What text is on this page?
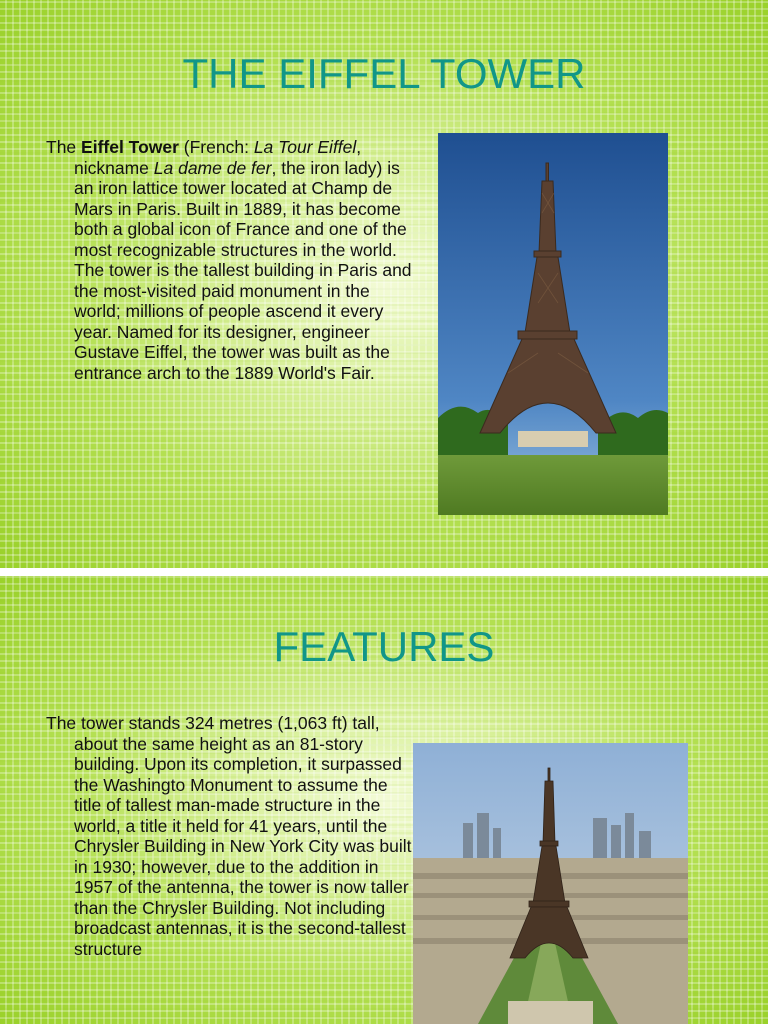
THE EIFFEL TOWER

The Eiffel Tower (French: La Tour Eiffel, nickname La dame de fer, the iron lady) is an iron lattice tower located at Champ de Mars in Paris. Built in 1889, it has become both a global icon of France and one of the most recognizable structures in the world. The tower is the tallest building in Paris and the most-visited paid monument in the world; millions of people ascend it every year. Named for its designer, engineer Gustave Eiffel, the tower was built as the entrance arch to the 1889 World's Fair.

FEATURES

The tower stands 324 metres (1,063 ft) tall, about the same height as an 81-story building. Upon its completion, it surpassed the Washingto Monument to assume the title of tallest man-made structure in the world, a title it held for 41 years, until the Chrysler Building in New York City was built in 1930; however, due to the addition in 1957 of the antenna, the tower is now taller than the Chrysler Building. Not including broadcast antennas, it is the second-tallest structure
